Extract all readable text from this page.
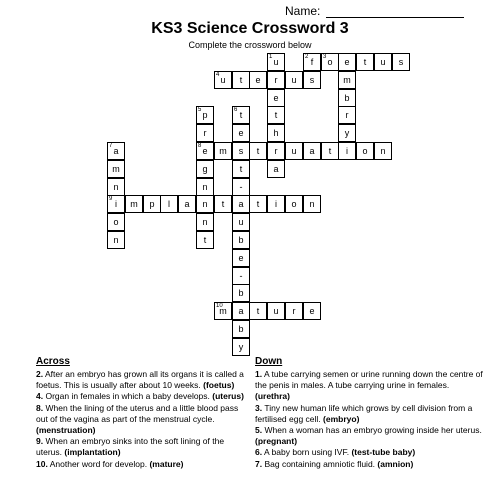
Name:
KS3 Science Crossword 3
Complete the crossword below
1 u	2 f	3 o	e	t	u	s
4 u	t	e	r	u	s	m
e	b
5 p	6 t	t	r
r	e	h	y
7 a	8 e	m	s	t	r	u	a	t	i	o	n
m	g	t	a
n	n	-
9 i	m	p	l	a	n	t	a	t	i	o	n
o	n	u
n	t	b
e
-
b
10
m	a	t	u	r	e
b
y
Across

2. After an embryo has grown all its organs it is called a foetus. This is usually after about 10 weeks. (foetus)

4. Organ in females in which a baby develops. (uterus)

8. When the lining of the uterus and a little blood pass out of the vagina as part of the menstrual cycle. (menstruation)

9. When an embryo sinks into the soft lining of the uterus. (implantation)

10. Another word for develop. (mature)

Down

1. A tube carrying semen or urine running down the centre of the penis in males. A tube carrying urine in females. (urethra)

3. Tiny new human life which grows by cell division from a fertilised egg cell. (embryo)

5. When a woman has an embryo growing inside her uterus. (pregnant)

6. A baby born using IVF. (test-tube baby)

7. Bag containing amniotic fluid. (amnion)
